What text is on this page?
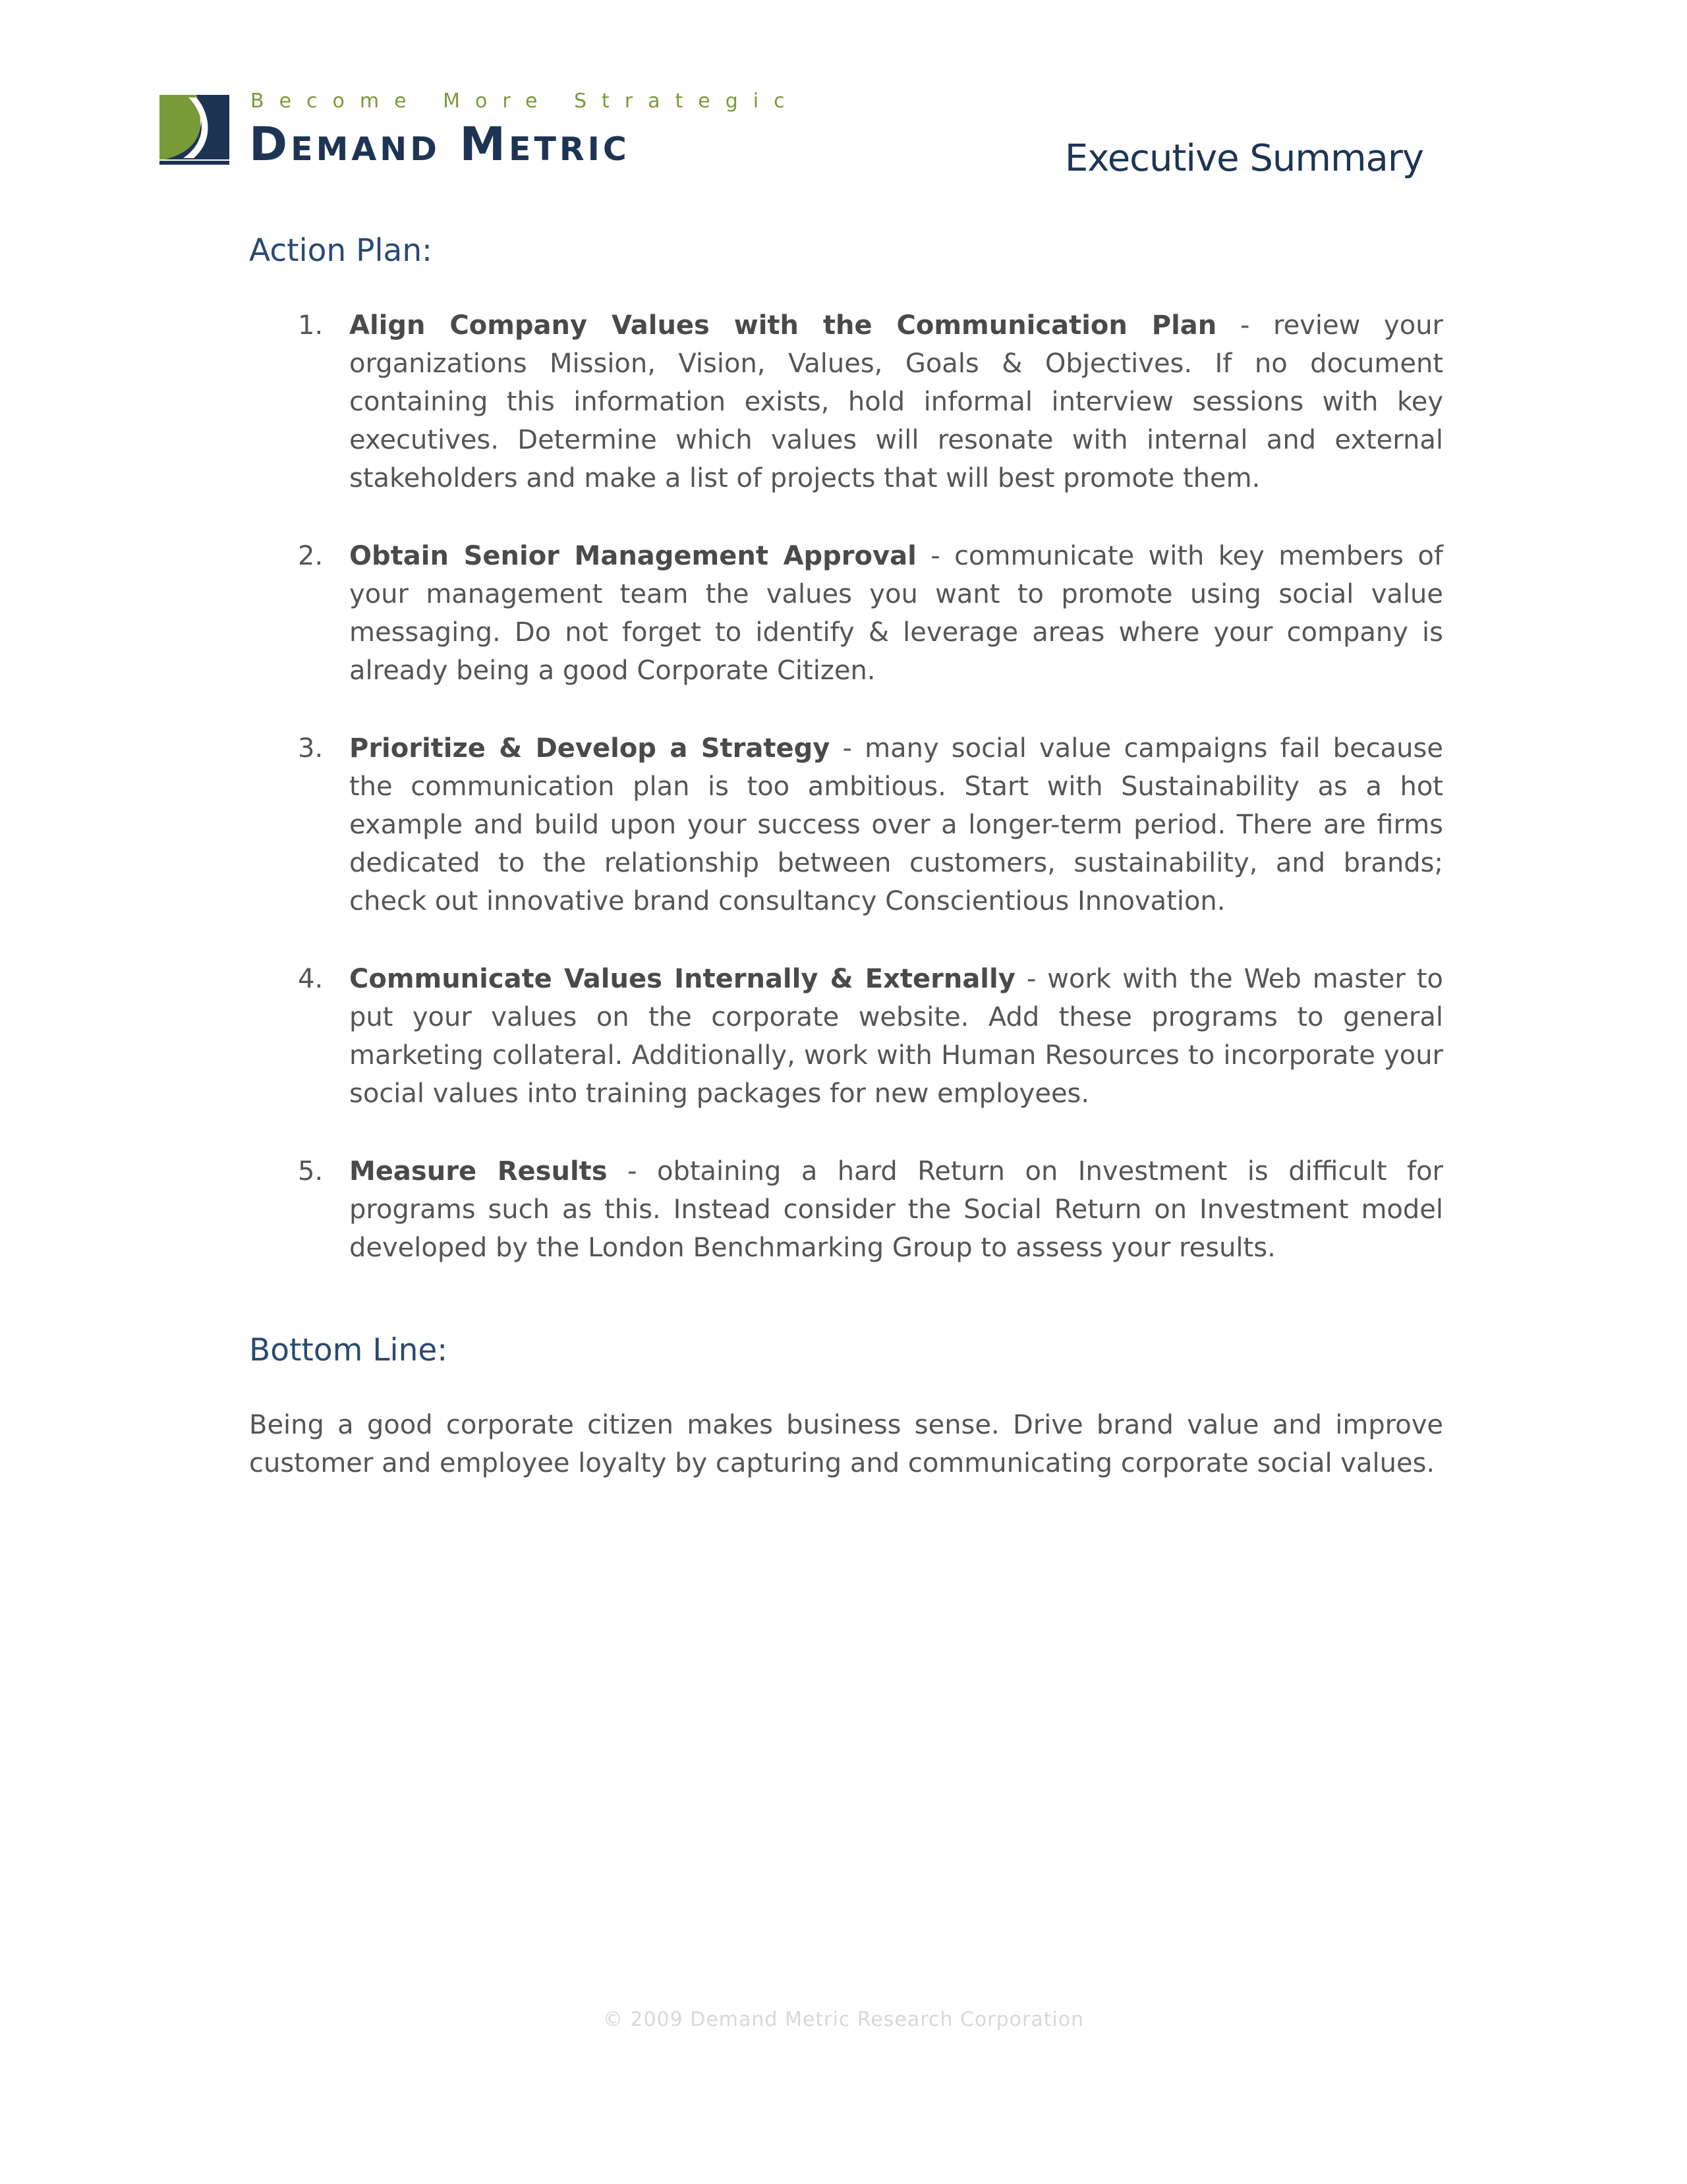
Become More Strategic
Demand Metric	Executive Summary
Action Plan:
1. Align Company Values with the Communication Plan - review your organizations Mission, Vision, Values, Goals & Objectives. If no document containing this information exists, hold informal interview sessions with key executives. Determine which values will resonate with internal and external stakeholders and make a list of projects that will best promote them.
2. Obtain Senior Management Approval - communicate with key members of your management team the values you want to promote using social value messaging. Do not forget to identify & leverage areas where your company is already being a good Corporate Citizen.
3. Prioritize & Develop a Strategy - many social value campaigns fail because the communication plan is too ambitious. Start with Sustainability as a hot example and build upon your success over a longer-term period. There are firms dedicated to the relationship between customers, sustainability, and brands; check out innovative brand consultancy Conscientious Innovation.
4. Communicate Values Internally & Externally - work with the Web master to put your values on the corporate website. Add these programs to general marketing collateral. Additionally, work with Human Resources to incorporate your social values into training packages for new employees.
5. Measure Results - obtaining a hard Return on Investment is difficult for programs such as this. Instead consider the Social Return on Investment model developed by the London Benchmarking Group to assess your results.
Bottom Line:

Being a good corporate citizen makes business sense. Drive brand value and improve customer and employee loyalty by capturing and communicating corporate social values.

© 2009 Demand Metric Research Corporation
